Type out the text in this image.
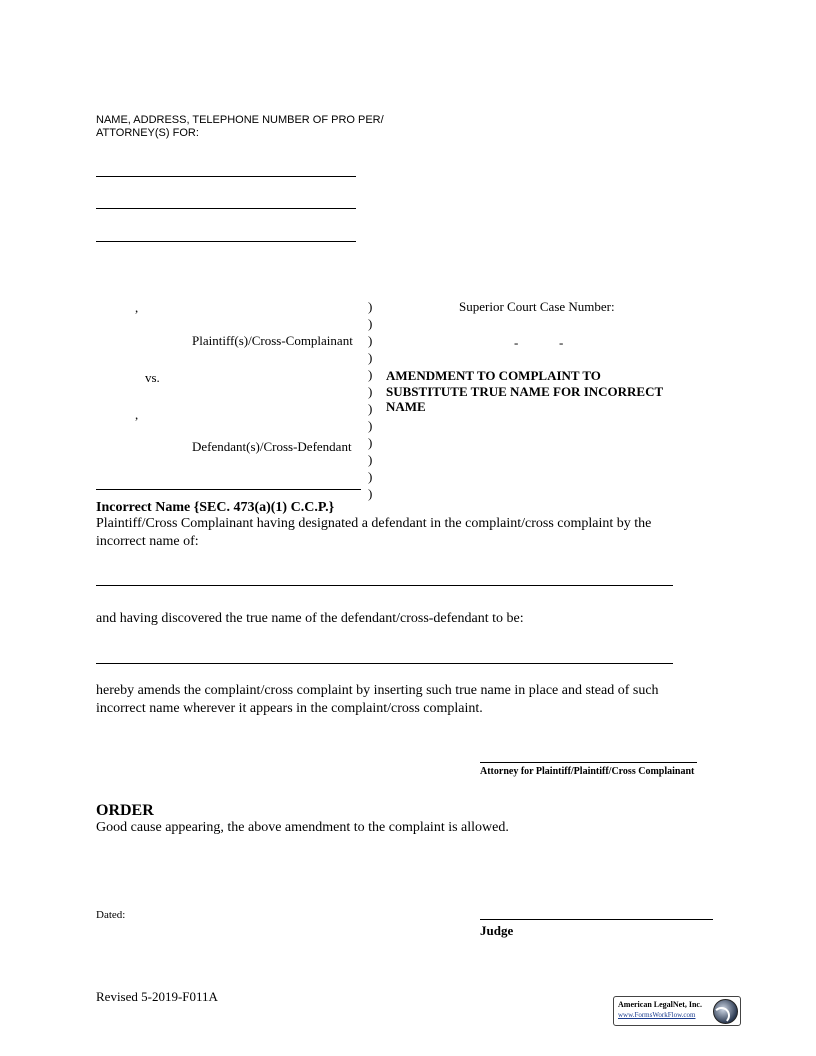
NAME, ADDRESS, TELEPHONE NUMBER OF PRO PER/
ATTORNEY(S) FOR:
,
Plaintiff(s)/Cross-Complainant
vs.
,
Defendant(s)/Cross-Defendant
)
)
)
)
)
)
)
)
)
)
)
)
Superior Court Case Number:
-	-
AMENDMENT TO COMPLAINT TO
SUBSTITUTE TRUE NAME FOR INCORRECT
NAME
Incorrect Name {SEC. 473(a)(1) C.C.P.}
Plaintiff/Cross Complainant having designated a defendant in the complaint/cross complaint by the
incorrect name of:
and having discovered the true name of the defendant/cross-defendant to be:
hereby amends the complaint/cross complaint by inserting such true name in place and stead of such
incorrect name wherever it appears in the complaint/cross complaint.
Attorney for Plaintiff/Plaintiff/Cross Complainant
ORDER
Good cause appearing, the above amendment to the complaint is allowed.
Dated:
Judge
Revised 5-2019-F011A
American LegalNet, Inc.
www.FormsWorkFlow.com
